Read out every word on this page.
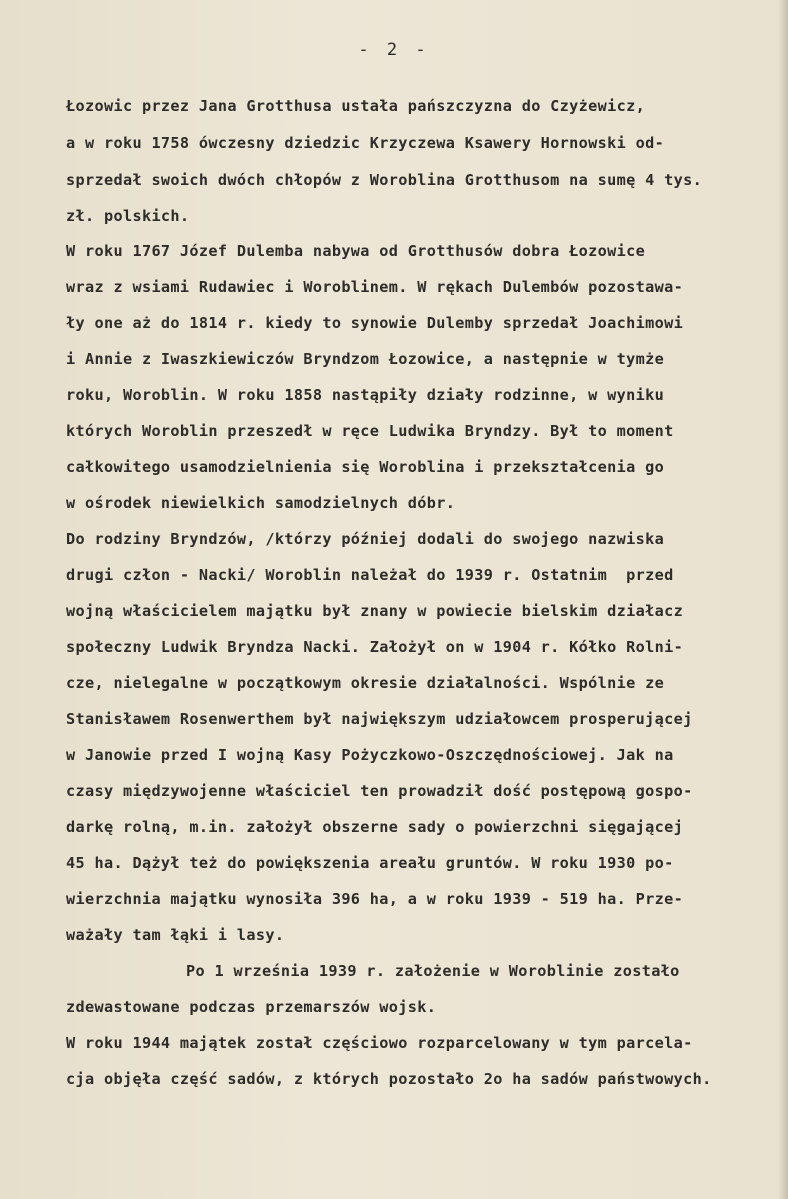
- 2 -
Łozowic przez Jana Grotthusa ustała pańszczyzna do Czyżewicz,
a w roku 1758 ówczesny dziedzic Krzyczewa Ksawery Hornowski od-
sprzedał swoich dwóch chłopów z Woroblina Grotthusom na sumę 4 tys.
zł. polskich.
W roku 1767 Józef Dulemba nabywa od Grotthusów dobra Łozowice
wraz z wsiami Rudawiec i Woroblinem. W rękach Dulembów pozostawa-
ły one aż do 1814 r. kiedy to synowie Dulemby sprzedał Joachimowi
i Annie z Iwaszkiewiczów Bryndzom Łozowice, a następnie w tymże
roku, Woroblin. W roku 1858 nastąpiły działy rodzinne, w wyniku
których Woroblin przeszedł w ręce Ludwika Bryndzy. Był to moment
całkowitego usamodzielnienia się Woroblina i przekształcenia go
w ośrodek niewielkich samodzielnych dóbr.
Do rodziny Bryndzów, /którzy później dodali do swojego nazwiska
drugi człon - Nacki/ Woroblin należał do 1939 r. Ostatnim  przed
wojną właścicielem majątku był znany w powiecie bielskim działacz
społeczny Ludwik Bryndza Nacki. Założył on w 1904 r. Kółko Rolni-
cze, nielegalne w początkowym okresie działalności. Wspólnie ze
Stanisławem Rosenwerthem był największym udziałowcem prosperującej
w Janowie przed I wojną Kasy Pożyczkowo-Oszczędnościowej. Jak na
czasy międzywojenne właściciel ten prowadził dość postępową gospo-
darkę rolną, m.in. założył obszerne sady o powierzchni sięgającej
45 ha. Dążył też do powiększenia areału gruntów. W roku 1930 po-
wierzchnia majątku wynosiła 396 ha, a w roku 1939 - 519 ha. Prze-
ważały tam łąki i lasy.
Po 1 września 1939 r. założenie w Woroblinie zostało
zdewastowane podczas przemarszów wojsk.
W roku 1944 majątek został częściowo rozparcelowany w tym parcela-
cja objęła część sadów, z których pozostało 2o ha sadów państwowych.
